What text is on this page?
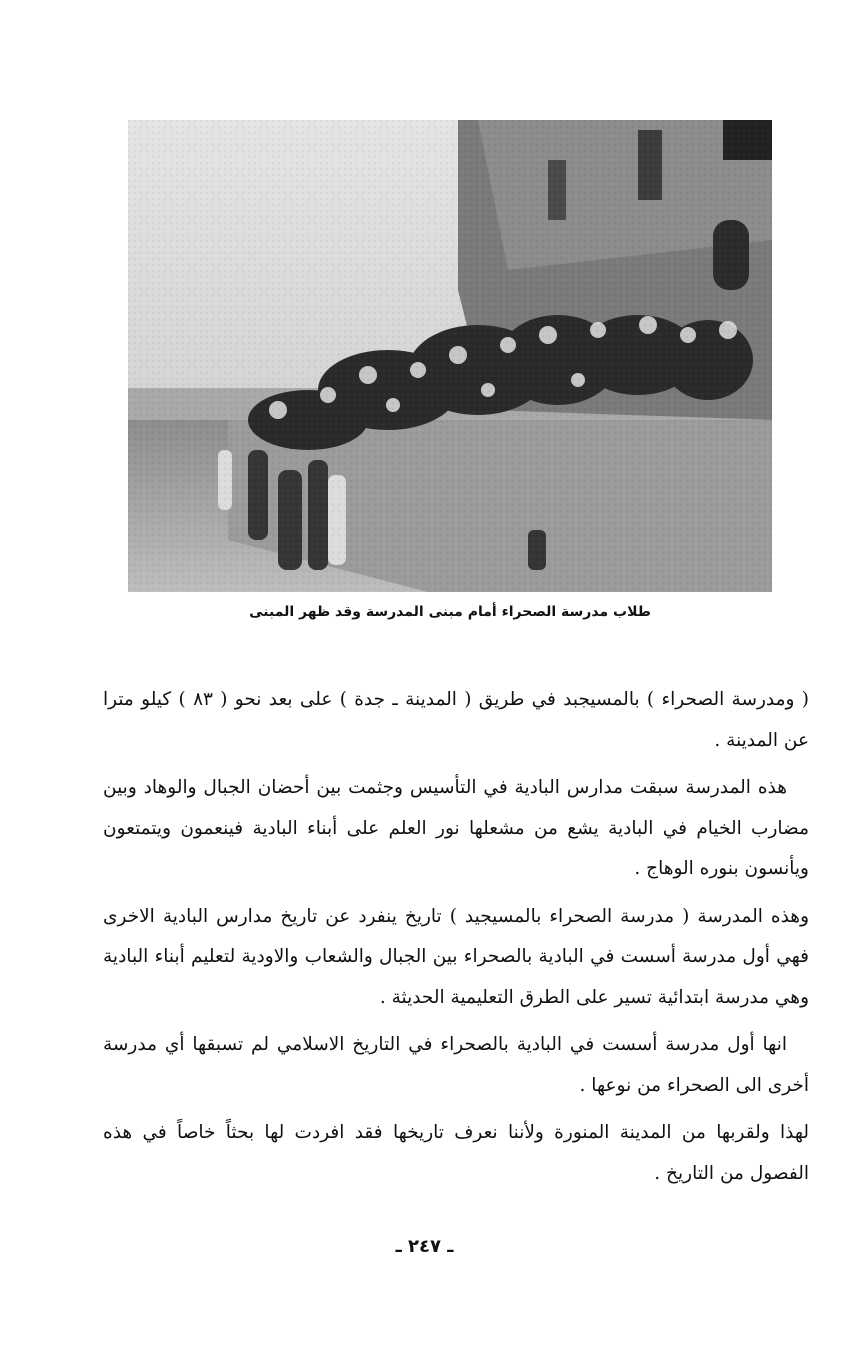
طلاب مدرسة الصحراء أمام مبنى المدرسة وقد ظهر المبنى

( ومدرسة الصحراء ) بالمسيجبد في طريق ( المدينة ـ جدة ) على بعد نحو ( ٨٣ ) كيلو مترا عن المدينة .

هذه المدرسة سبقت مدارس البادية في التأسيس وجثمت بين أحضان الجبال والوهاد وبين مضارب الخيام في البادية يشع من مشعلها نور العلم على أبناء البادية فينعمون ويتمتعون ويأنسون بنوره الوهاج .

وهذه المدرسة ( مدرسة الصحراء بالمسيجيد ) تاريخ ينفرد عن تاريخ مدارس البادية الاخرى فهي أول مدرسة أسست في البادية بالصحراء بين الجبال والشعاب والاودية لتعليم أبناء البادية وهي مدرسة ابتدائية تسير على الطرق التعليمية الحديثة .

انها أول مدرسة أسست في البادية بالصحراء في التاريخ الاسلامي لم تسبقها أي مدرسة أخرى الى الصحراء من نوعها .

لهذا ولقربها من المدينة المنورة ولأننا نعرف تاريخها فقد افردت لها بحثاً خاصاً في هذه الفصول من التاريخ .

ـ ٢٤٧ ـ
